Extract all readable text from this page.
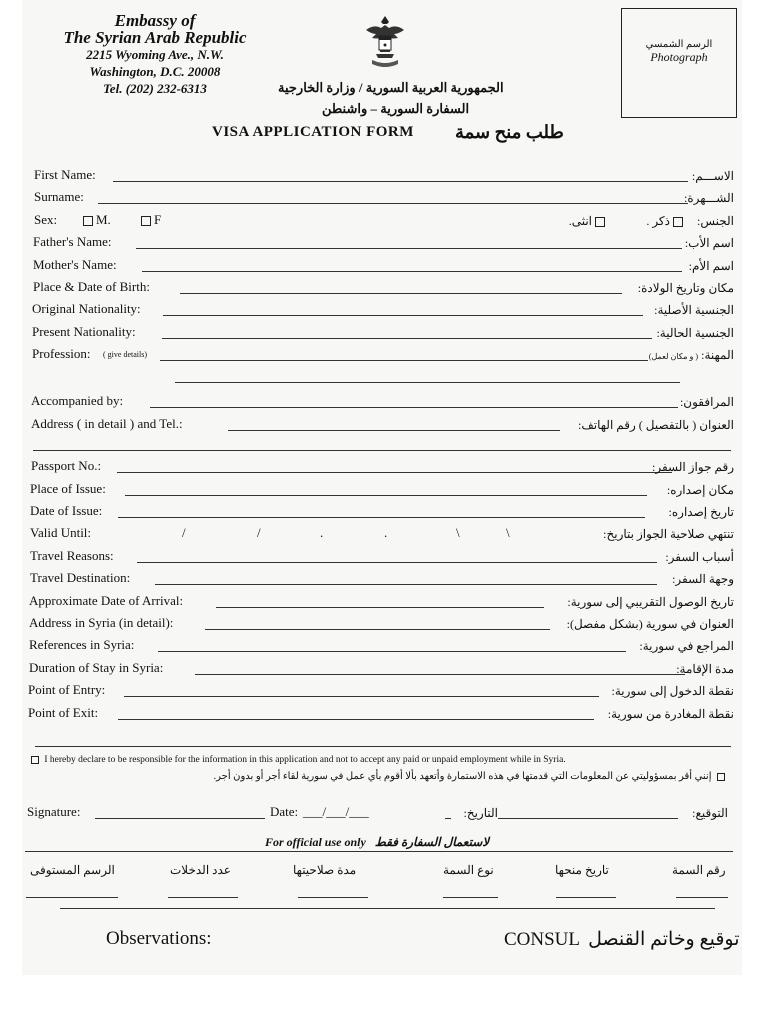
Embassy of
The Syrian Arab Republic
2215 Wyoming Ave., N.W.
Washington, D.C. 20008
Tel. (202) 232-6313
الرسم الشمسي
Photograph
الجمهورية العربية السورية / وزارة الخارجية
السفارة السورية – واشنطن
VISA APPLICATION FORM طلب منح سمة
First Name:	الاســـم:
Surname:	الشـــهرة:
Sex:	M.	F	الجنس:
ذكر .
انثى.
Father's Name:	اسم الأب:
Mother's Name:	اسم الأم:
Place & Date of Birth:	مكان وتاريخ الولادة:
Original Nationality:	الجنسية الأصلية:
Present Nationality:	الجنسية الحالية:
Profession: ( give details)	( و مكان لعمل) المهنة:
Accompanied by:	المرافقون:
Address ( in detail ) and Tel.:	العنوان ( بالتفصيل ) رقم الهاتف:
Passport No.:	رقم جواز السفر:
Place of Issue:	مكان إصداره:
Date of Issue:	تاريخ إصداره:
Valid Until:	/	/	.	.	\	\	تنتهي صلاحية الجواز بتاريخ:
Travel Reasons:	أسباب السفر:
Travel Destination:	وجهة السفر:
Approximate Date of Arrival:	تاريخ الوصول التقريبي إلى سورية:
Address in Syria (in detail):	العنوان في سورية (بشكل مفصل):
References in Syria:	المراجع في سورية:
Duration of Stay in Syria:	مدة الإقامة:
Point of Entry:	نقطة الدخول إلى سورية:
Point of Exit:	نقطة المغادرة من سورية:
I hereby declare to be responsible for the information in this application and not to accept any paid or unpaid employment while in Syria.
إنني أقر بمسؤوليتي عن المعلومات التي قدمتها في هذه الاستمارة وأتعهد بألا أقوم بأي عمل في سورية لقاء أجر أو بدون أجر.
Signature:	Date: ___/___/___	التاريخ:	التوقيع:
For official use only لاستعمال السفارة فقط
رقم السمة
تاريخ منحها
نوع السمة
مدة صلاحيتها
عدد الدخلات
الرسم المستوفى
Observations:	CONSUL توقيع وخاتم القنصل
